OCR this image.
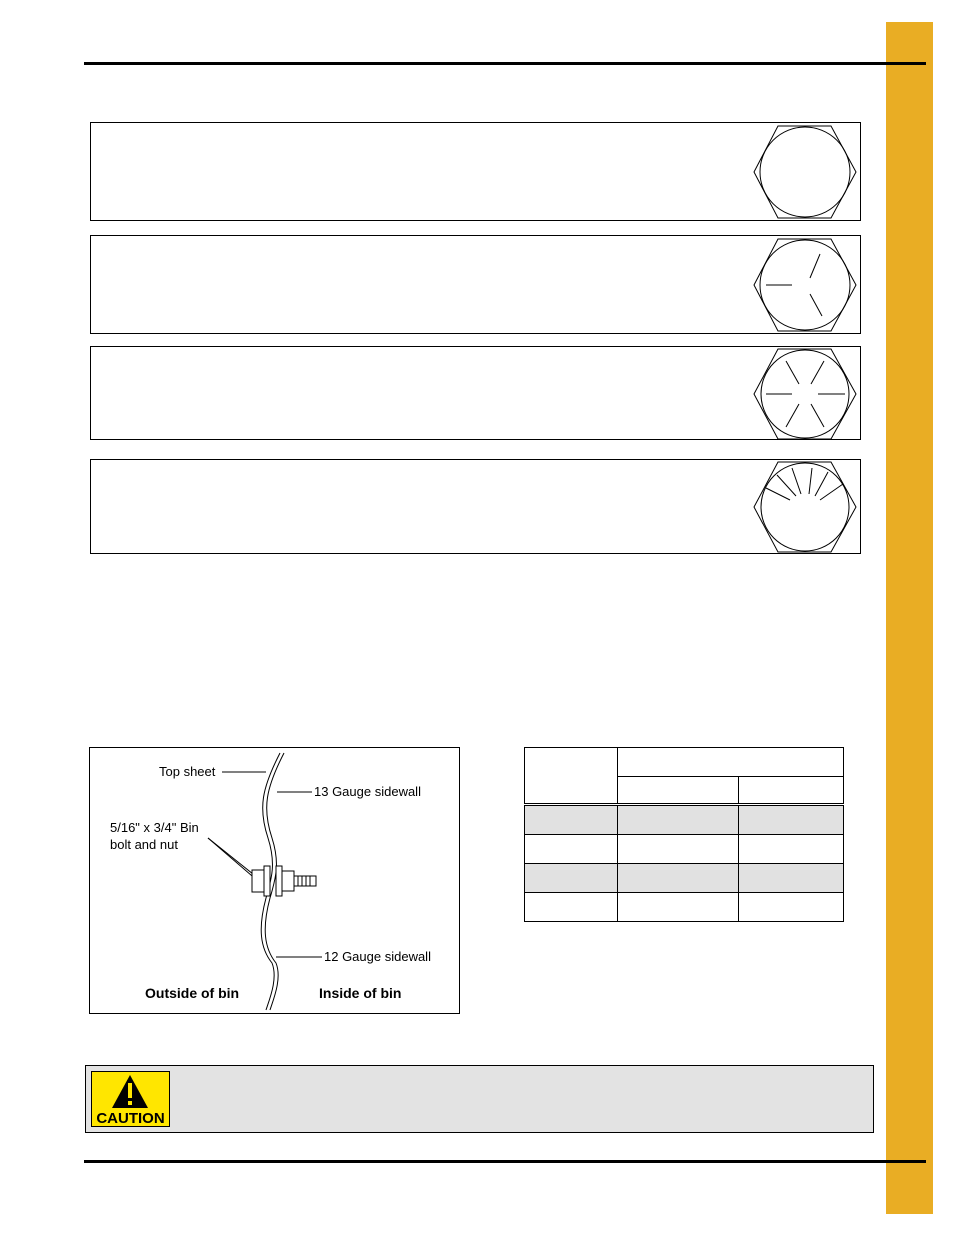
Top sheet
13 Gauge sidewall
5/16" x 3/4" Bin
bolt and nut
12 Gauge sidewall
Outside of bin	Inside of bin

CAUTION
